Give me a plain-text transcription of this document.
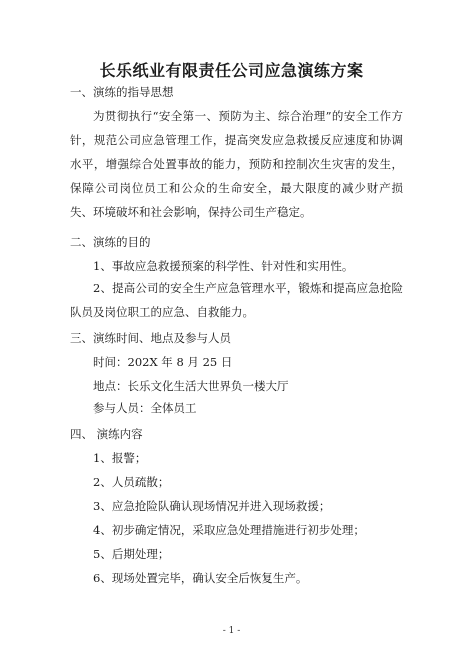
长乐纸业有限责任公司应急演练方案
一、演练的指导思想
为贯彻执行“安全第一、预防为主、综合治理”的安全工作方针，规范公司应急管理工作，提高突发应急救援反应速度和协调水平，增强综合处置事故的能力，预防和控制次生灾害的发生，保障公司岗位员工和公众的生命安全，最大限度的减少财产损失、环境破坏和社会影响，保持公司生产稳定。
二、演练的目的
1、事故应急救援预案的科学性、针对性和实用性。
2、提高公司的安全生产应急管理水平，锻炼和提高应急抢险队员及岗位职工的应急、自救能力。
三、演练时间、地点及参与人员
时间：202X 年 8 月 25 日
地点：长乐文化生活大世界负一楼大厅
参与人员：全体员工
四、 演练内容
1、报警；
2、人员疏散；
3、应急抢险队确认现场情况并进入现场救援；
4、初步确定情况，采取应急处理措施进行初步处理；
5、后期处理；
6、现场处置完毕，确认安全后恢复生产。
- 1 -
